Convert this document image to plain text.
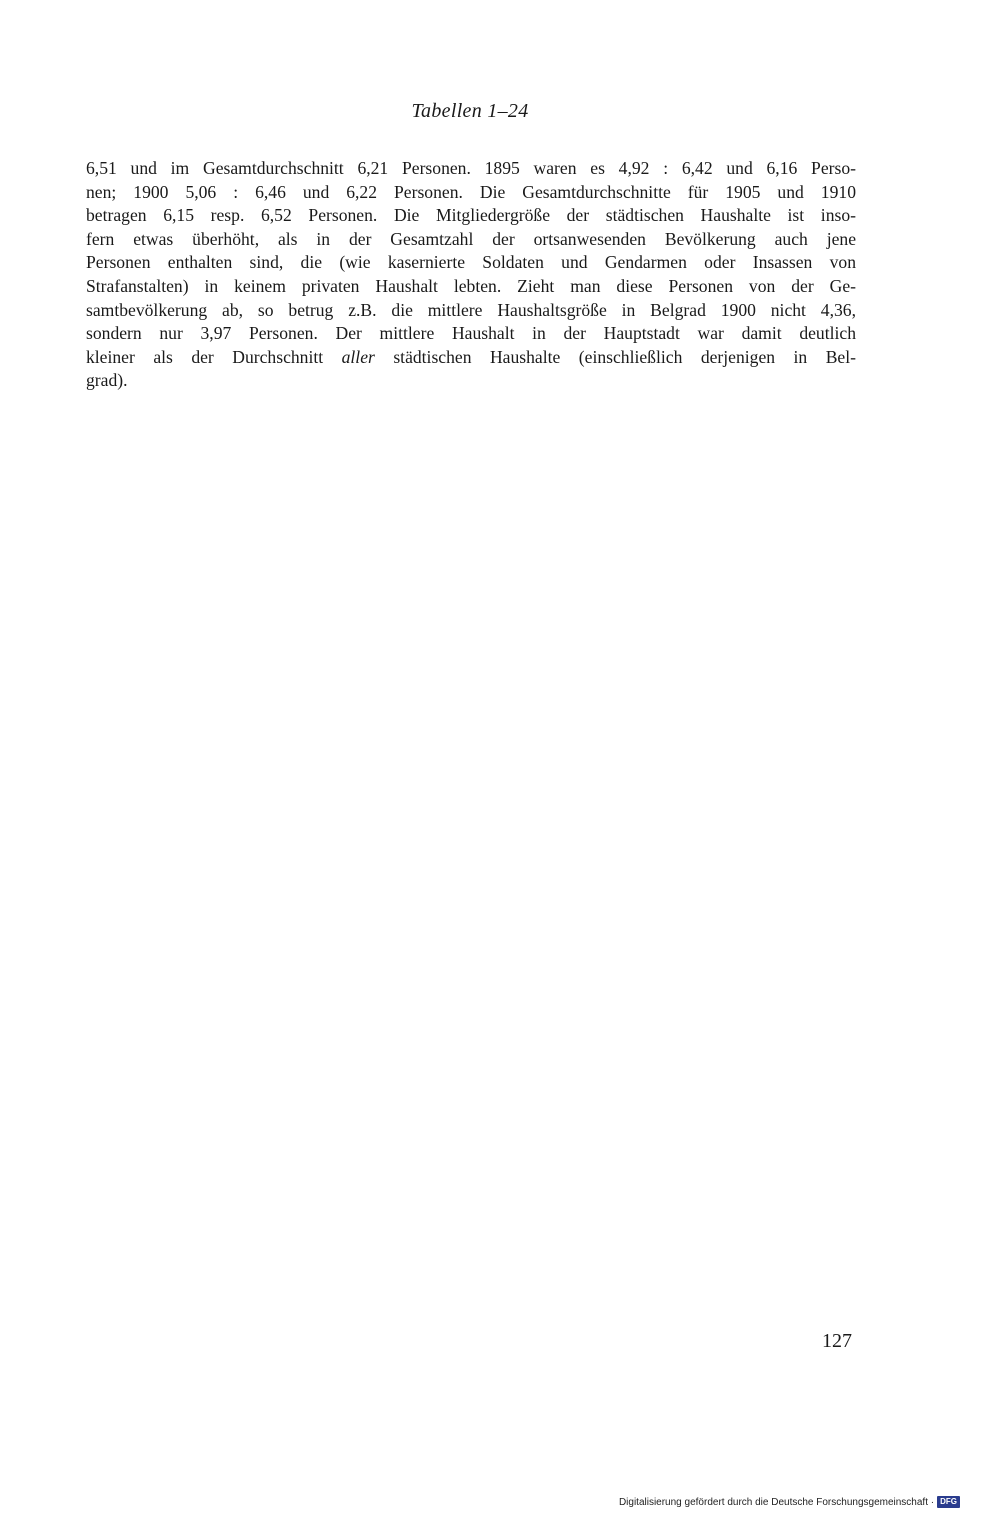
Tabellen 1–24
6,51 und im Gesamtdurchschnitt 6,21 Personen. 1895 waren es 4,92 : 6,42 und 6,16 Perso-
nen; 1900 5,06 : 6,46 und 6,22 Personen. Die Gesamtdurchschnitte für 1905 und 1910
betragen 6,15 resp. 6,52 Personen. Die Mitgliedergröße der städtischen Haushalte ist inso-
fern etwas überhöht, als in der Gesamtzahl der ortsanwesenden Bevölkerung auch jene
Personen enthalten sind, die (wie kasernierte Soldaten und Gendarmen oder Insassen von
Strafanstalten) in keinem privaten Haushalt lebten. Zieht man diese Personen von der Ge-
samtbevölkerung ab, so betrug z.B. die mittlere Haushaltsgröße in Belgrad 1900 nicht 4,36,
sondern nur 3,97 Personen. Der mittlere Haushalt in der Hauptstadt war damit deutlich
kleiner als der Durchschnitt aller städtischen Haushalte (einschließlich derjenigen in Bel-
grad).
127
Digitalisierung gefördert durch die Deutsche Forschungsgemeinschaft · DFG
